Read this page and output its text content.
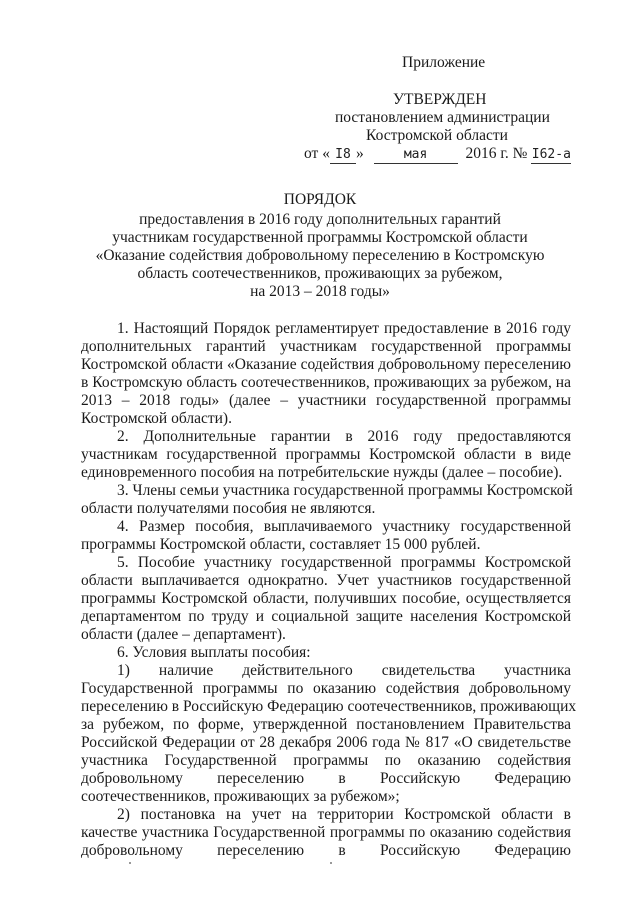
Приложение
УТВЕРЖДЕН
постановлением администрации
Костромской области
от « I8 »	мая 2016 г. № I62-а
ПОРЯДОК
предоставления в 2016 году дополнительных гарантий
участникам государственной программы Костромской области
«Оказание содействия добровольному переселению в Костромскую
область соотечественников, проживающих за рубежом,
на 2013 – 2018 годы»
1. Настоящий Порядок регламентирует предоставление в 2016 году
дополнительных гарантий участникам государственной программы
Костромской области «Оказание содействия добровольному переселению
в Костромскую область соотечественников, проживающих за рубежом, на
2013 – 2018 годы» (далее – участники государственной программы
Костромской области).
2. Дополнительные гарантии в 2016 году предоставляются
участникам государственной программы Костромской области в виде
единовременного пособия на потребительские нужды (далее – пособие).
3. Члены семьи участника государственной программы Костромской
области получателями пособия не являются.
4. Размер пособия, выплачиваемого участнику государственной
программы Костромской области, составляет 15 000 рублей.
5. Пособие участнику государственной программы Костромской
области выплачивается однократно. Учет участников государственной
программы Костромской области, получивших пособие, осуществляется
департаментом по труду и социальной защите населения Костромской
области (далее – департамент).
6. Условия выплаты пособия:
1) наличие действительного свидетельства участника
Государственной программы по оказанию содействия добровольному
переселению в Российскую Федерацию соотечественников, проживающих
за рубежом, по форме, утвержденной постановлением Правительства
Российской Федерации от 28 декабря 2006 года № 817 «О свидетельстве
участника Государственной программы по оказанию содействия
добровольному переселению в Российскую Федерацию
соотечественников, проживающих за рубежом»;
2) постановка на учет на территории Костромской области в
качестве участника Государственной программы по оказанию содействия
добровольному переселению в Российскую Федерацию
